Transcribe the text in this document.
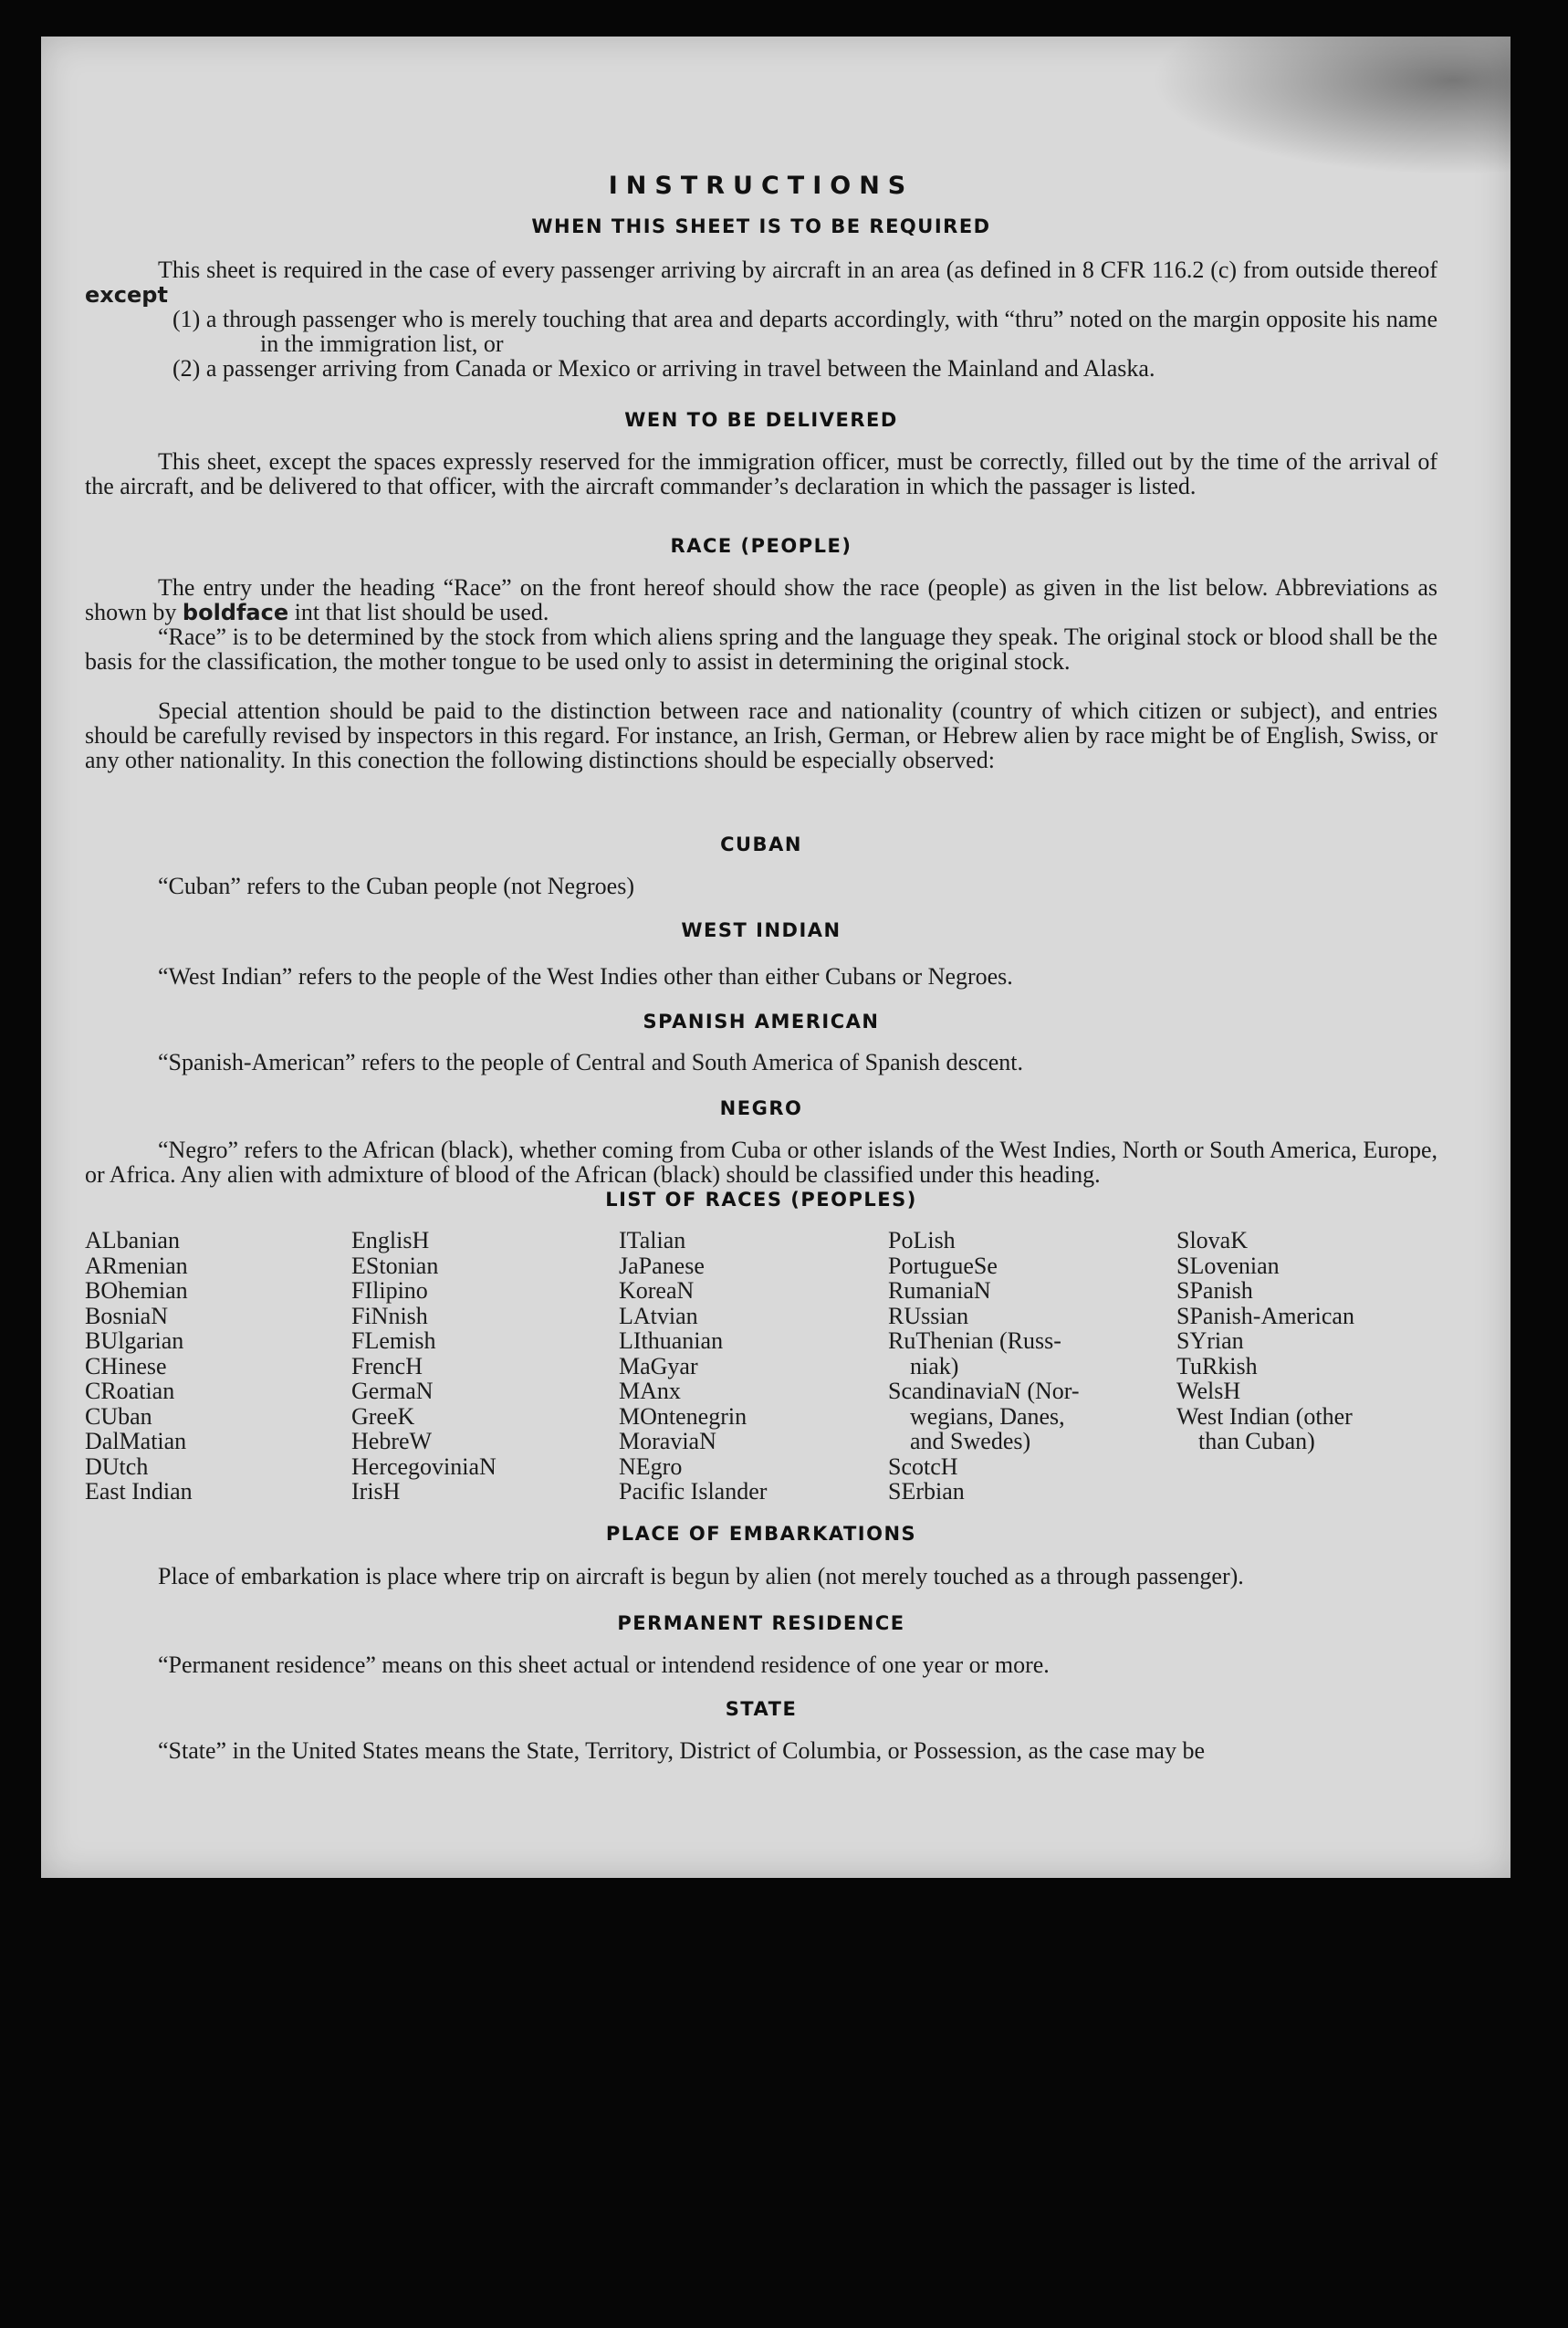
INSTRUCTIONS
WHEN THIS SHEET IS TO BE REQUIRED
This sheet is required in the case of every passenger arriving by aircraft in an area (as defined in 8 CFR 116.2 (c) from outside thereof except
(1) a through passenger who is merely touching that area and departs accordingly, with “thru” noted on the margin opposite his name in the immigration list, or
(2) a passenger arriving from Canada or Mexico or arriving in travel between the Mainland and Alaska.
WEN TO BE DELIVERED
This sheet, except the spaces expressly reserved for the immigration officer, must be correctly, filled out by the time of the arrival of the aircraft, and be delivered to that officer, with the aircraft commander’s declaration in which the passager is listed.
RACE (PEOPLE)
The entry under the heading “Race” on the front hereof should show the race (people) as given in the list below. Abbreviations as shown by boldface int that list should be used.
“Race” is to be determined by the stock from which aliens spring and the language they speak. The original stock or blood shall be the basis for the classification, the mother tongue to be used only to assist in determining the original stock.
Special attention should be paid to the distinction between race and nationality (country of which citizen or subject), and entries should be carefully revised by inspectors in this regard. For instance, an Irish, German, or Hebrew alien by race might be of English, Swiss, or any other nationality. In this conection the following distinctions should be especially observed:
CUBAN
“Cuban” refers to the Cuban people (not Negroes)
WEST INDIAN
“West Indian” refers to the people of the West Indies other than either Cubans or Negroes.
SPANISH AMERICAN
“Spanish-American” refers to the people of Central and South America of Spanish descent.
NEGRO
“Negro” refers to the African (black), whether coming from Cuba or other islands of the West Indies, North or South America, Europe, or Africa. Any alien with admixture of blood of the African (black) should be classified under this heading.
LIST OF RACES (PEOPLES)
ALbanian
ARmenian
BOhemian
BosniaN
BUlgarian
CHinese
CRoatian
CUban
DalMatian
DUtch
East Indian
EnglisH
EStonian
FIlipino
FiNnish
FLemish
FrencH
GermaN
GreeK
HebreW
HercegoviniaN
IrisH
ITalian
JaPanese
KoreaN
LAtvian
LIthuanian
MaGyar
MAnx
MOntenegrin
MoraviaN
NEgro
Pacific Islander
PoLish
PortugueSe
RumaniaN
RUssian
RuThenian (Russ-
niak)
ScandinaviaN (Nor-
wegians, Danes,
and Swedes)
ScotcH
SErbian
SlovaK
SLovenian
SPanish
SPanish-American
SYrian
TuRkish
WelsH
West Indian (other
than Cuban)
PLACE OF EMBARKATIONS
Place of embarkation is place where trip on aircraft is begun by alien (not merely touched as a through passenger).
PERMANENT RESIDENCE
“Permanent residence” means on this sheet actual or intendend residence of one year or more.
STATE
“State” in the United States means the State, Territory, District of Columbia, or Possession, as the case may be
